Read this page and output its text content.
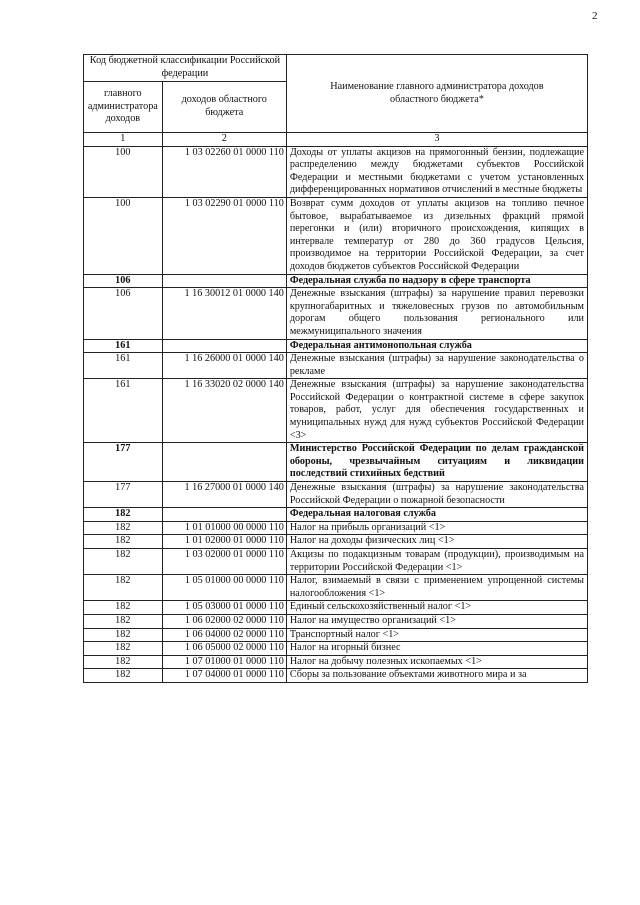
2
Код бюджетной классификации Российской федерации		Наименование главного администратора доходов областного бюджета*
главного администратора доходов	доходов областного бюджета	
1	2	3
100	1 03 02260 01 0000 110	Доходы от уплаты акцизов на прямогонный бензин, подлежащие распределению между бюджетами субъектов Российской Федерации и местными бюджетами с учетом установленных дифференцированных нормативов отчислений в местные бюджеты
100	1 03 02290 01 0000 110	Возврат сумм доходов от уплаты акцизов на топливо печное бытовое, вырабатываемое из дизельных фракций прямой перегонки и (или) вторичного происхождения, кипящих в интервале температур от 280 до 360 градусов Цельсия, производимое на территории Российской Федерации, за счет доходов бюджетов субъектов Российской Федерации
106		Федеральная служба по надзору в сфере транспорта
106	1 16 30012 01 0000 140	Денежные взыскания (штрафы) за нарушение правил перевозки крупногабаритных и тяжеловесных грузов по автомобильным дорогам общего пользования регионального или межмуниципального значения
161		Федеральная антимонопольная служба
161	1 16 26000 01 0000 140	Денежные взыскания (штрафы) за нарушение законодательства о рекламе
161	1 16 33020 02 0000 140	Денежные взыскания (штрафы) за нарушение законодательства Российской Федерации о контрактной системе в сфере закупок товаров, работ, услуг для обеспечения государственных и муниципальных нужд для нужд субъектов Российской Федерации <3>
177		Министерство Российской Федерации по делам гражданской обороны, чрезвычайным ситуациям и ликвидации последствий стихийных бедствий
177	1 16 27000 01 0000 140	Денежные взыскания (штрафы) за нарушение законодательства Российской Федерации о пожарной безопасности
182		Федеральная налоговая служба
182	1 01 01000 00 0000 110	Налог на прибыль организаций <1>
182	1 01 02000 01 0000 110	Налог на доходы физических лиц <1>
182	1 03 02000 01 0000 110	Акцизы по подакцизным товарам (продукции), производимым на территории Российской Федерации <1>
182	1 05 01000 00 0000 110	Налог, взимаемый в связи с применением упрощенной системы налогообложения <1>
182	1 05 03000 01 0000 110	Единый сельскохозяйственный налог <1>
182	1 06 02000 02 0000 110	Налог на имущество организаций <1>
182	1 06 04000 02 0000 110	Транспортный налог <1>
182	1 06 05000 02 0000 110	Налог на игорный бизнес
182	1 07 01000 01 0000 110	Налог на добычу полезных ископаемых <1>
182	1 07 04000 01 0000 110	Сборы за пользование объектами животного мира и за
